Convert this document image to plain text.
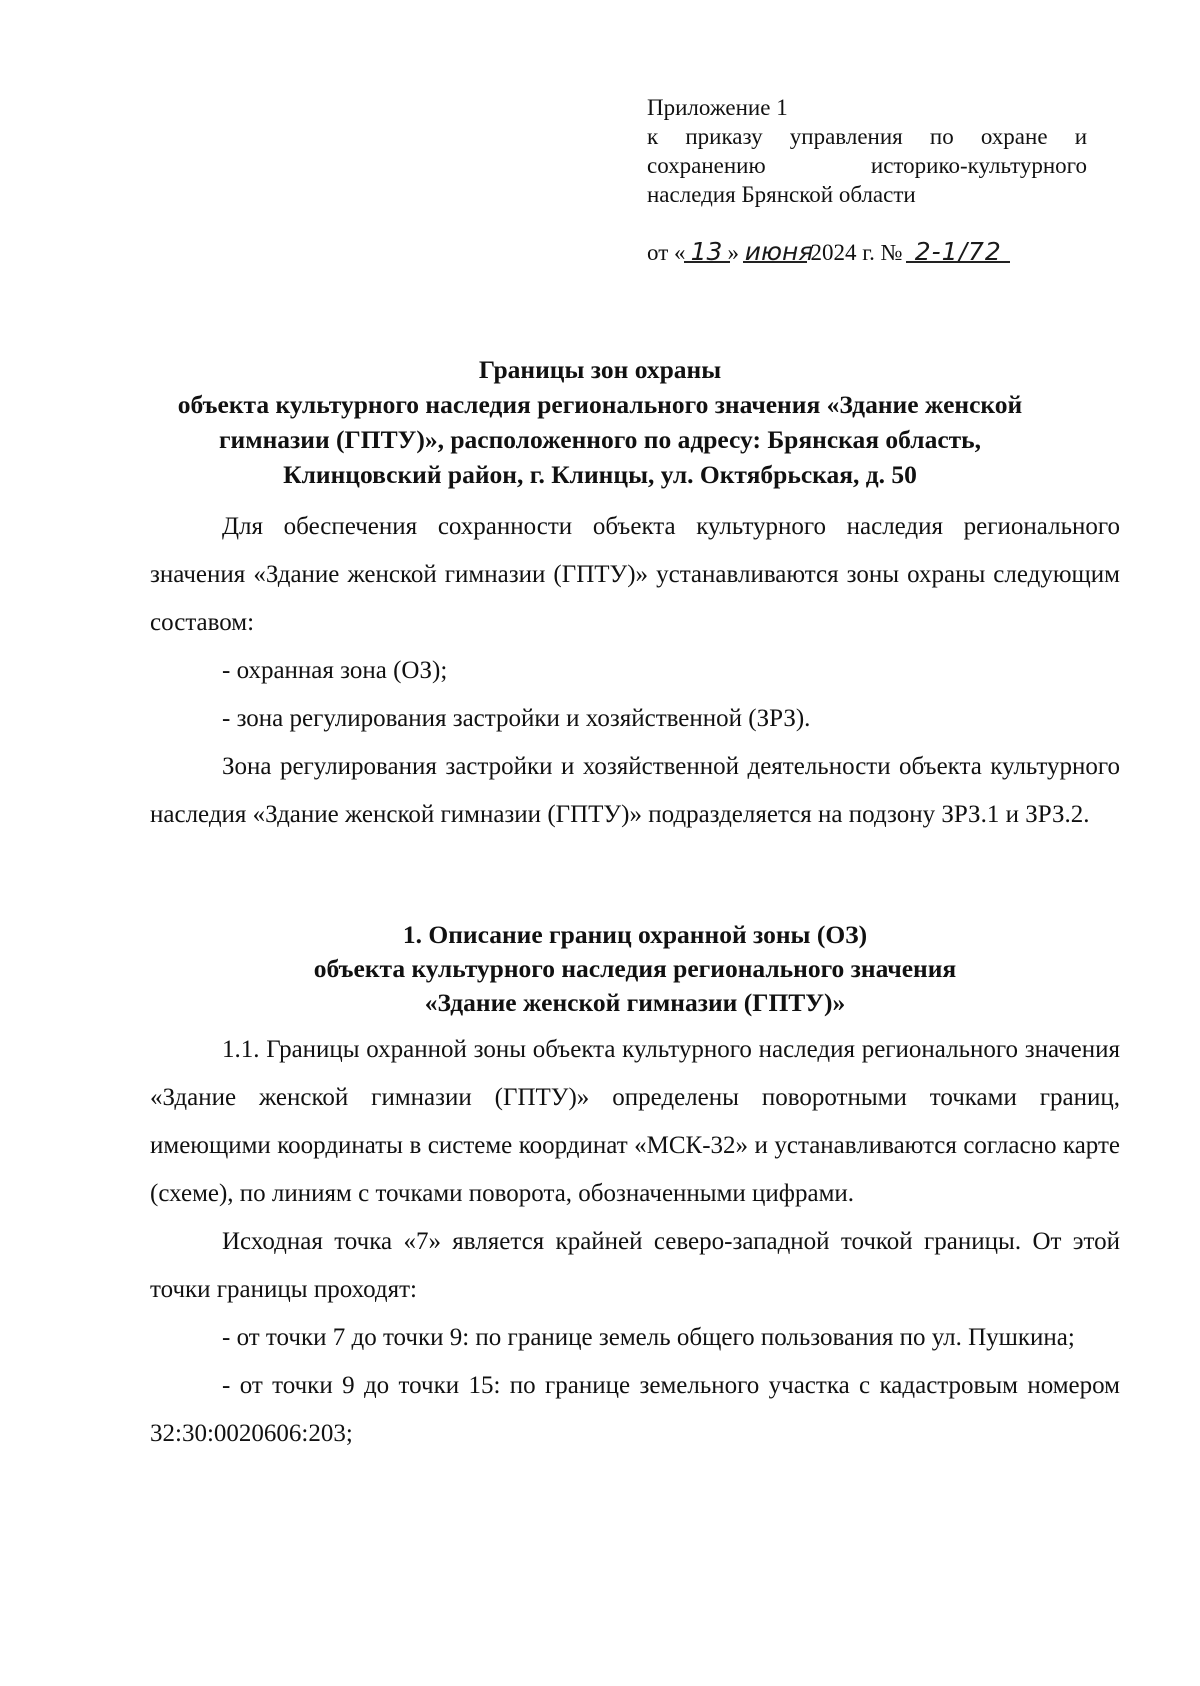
Приложение 1
к приказу управления по охране и
сохранению историко-культурного
наследия Брянской области
от « 13 » июня
2024 г. № 2-1/72
Границы зон охраны
объекта культурного наследия регионального значения «Здание женской
гимназии (ГПТУ)», расположенного по адресу: Брянская область,
Клинцовский район, г. Клинцы, ул. Октябрьская, д. 50

Для обеспечения сохранности объекта культурного наследия регионального значения «Здание женской гимназии (ГПТУ)» устанавливаются зоны охраны следующим составом:

- охранная зона (ОЗ);

- зона регулирования застройки и хозяйственной (ЗРЗ).

Зона регулирования застройки и хозяйственной деятельности объекта культурного наследия «Здание женской гимназии (ГПТУ)» подразделяется на подзону ЗРЗ.1 и ЗРЗ.2.

1. Описание границ охранной зоны (ОЗ)

объекта культурного наследия регионального значения

«Здание женской гимназии (ГПТУ)»

1.1. Границы охранной зоны объекта культурного наследия регионального значения «Здание женской гимназии (ГПТУ)» определены поворотными точками границ, имеющими координаты в системе координат «МСК-32» и устанавливаются согласно карте (схеме), по линиям с точками поворота, обозначенными цифрами.

Исходная точка «7» является крайней северо-западной точкой границы. От этой точки границы проходят:

- от точки 7 до точки 9: по границе земель общего пользования по ул. Пушкина;

- от точки 9 до точки 15: по границе земельного участка с кадастровым номером 32:30:0020606:203;
